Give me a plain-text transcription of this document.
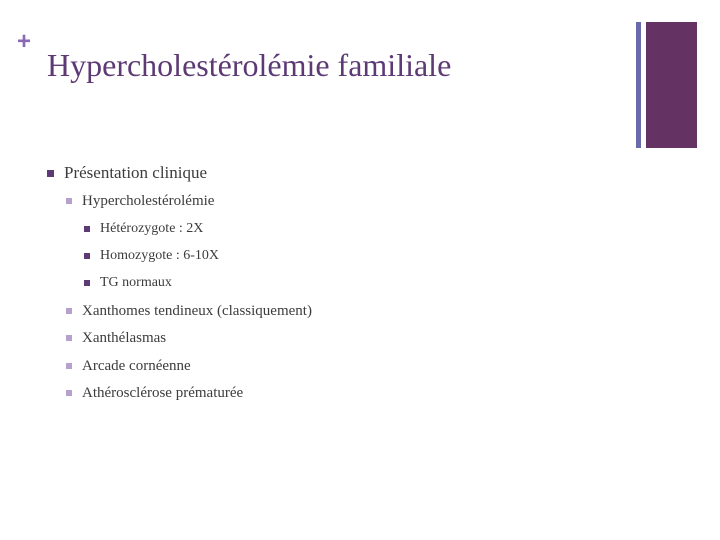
+
Hypercholestérolémie familiale
Présentation clinique
Hypercholestérolémie
Hétérozygote : 2X
Homozygote : 6-10X
TG normaux
Xanthomes tendineux (classiquement)
Xanthélasmas
Arcade cornéenne
Athérosclérose prématurée
